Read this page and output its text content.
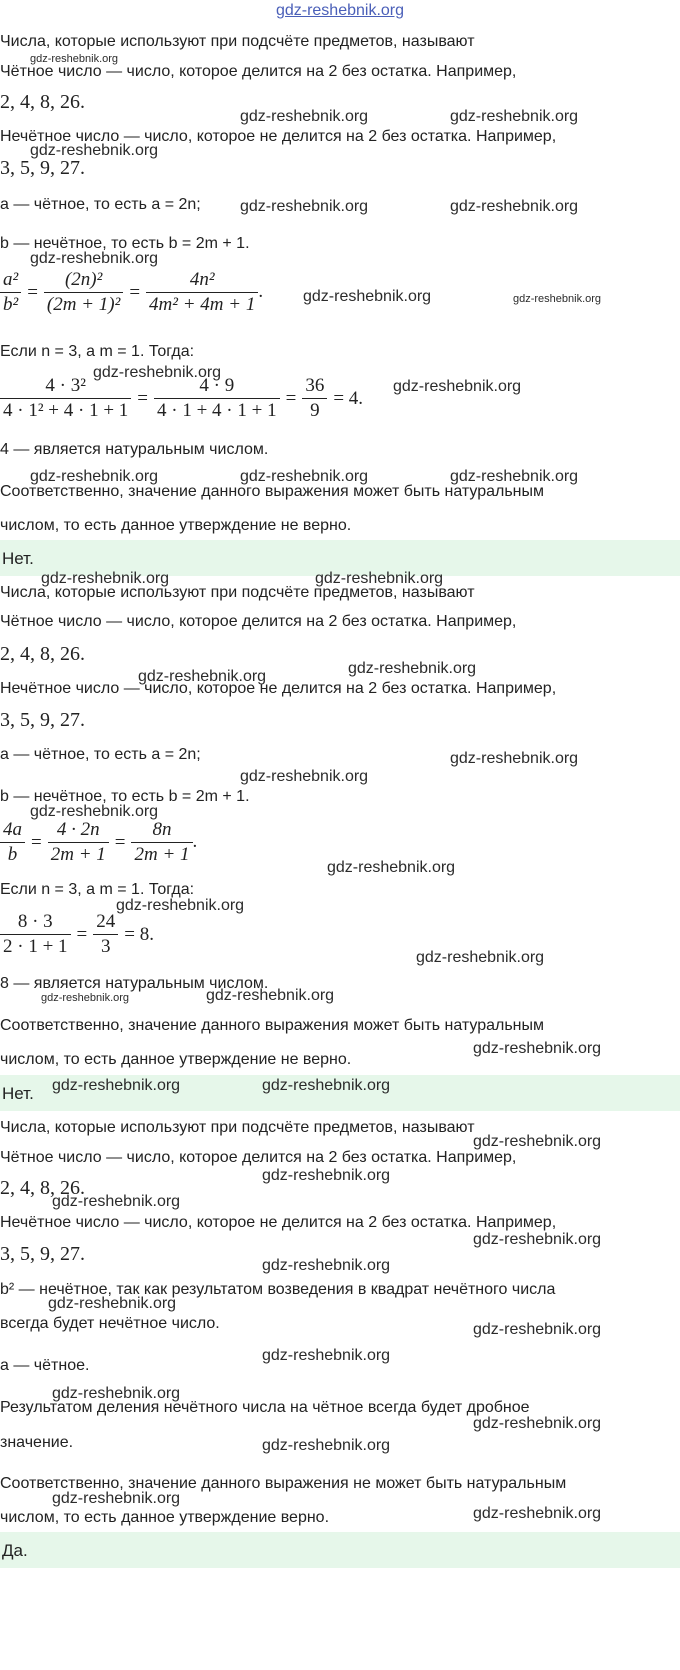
gdz-reshebnik.org
Числа, которые используют при подсчёте предметов, называют
Чётное число — число, которое делится на 2 без остатка. Например,
2, 4, 8, 26.
Нечётное число — число, которое не делится на 2 без остатка. Например,
3, 5, 9, 27.
a — чётное, то есть a = 2n;
b — нечётное, то есть b = 2m + 1.
$\frac{\text{a²}}{\text{b²}} = \frac{\text{(2n)²}}{\text{(2m + 1)²}} = \frac{\text{4n²}}{\text{4m² + 4m + 1}}$ .
Если n = 3, а m = 1. Тогда:
$\frac{\text{4 · 3²}}{\text{4 · 1² + 4 · 1 + 1}} = \frac{4 \cdot 9}{4 \cdot 1 + 4 \cdot 1 + 1} = \frac{36}{9} = 4$.
4 — является натуральным числом.
Соответственно, значение данного выражения может быть натуральным
числом, то есть данное утверждение не верно.
Нет.
Числа, которые используют при подсчёте предметов, называют
Чётное число — число, которое делится на 2 без остатка. Например,
2, 4, 8, 26.
Нечётное число — число, которое не делится на 2 без остатка. Например,
3, 5, 9, 27.
a — чётное, то есть a = 2n;
b — нечётное, то есть b = 2m + 1.
$\frac{4a}{b} = \frac{4 \cdot 2n}{2m + 1} = \frac{8n}{2m + 1}$ .
Если n = 3, а m = 1. Тогда:
$\frac{8 \cdot 3}{2 \cdot 1 + 1} = \frac{24}{3} = 8$.
8 — является натуральным числом.
Соответственно, значение данного выражения может быть натуральным
числом, то есть данное утверждение не верно.
Нет.
Числа, которые используют при подсчёте предметов, называют
Чётное число — число, которое делится на 2 без остатка. Например,
2, 4, 8, 26.
Нечётное число — число, которое не делится на 2 без остатка. Например,
3, 5, 9, 27.
b² — нечётное, так как результатом возведения в квадрат нечётного числа
всегда будет нечётное число.
a — чётное.
Результатом деления нечётного числа на чётное всегда будет дробное
значение.
Соответственно, значение данного выражения не может быть натуральным
числом, то есть данное утверждение верно.
Да.
gdz-reshebnik.org
gdz-reshebnik.org	gdz-reshebnik.org
gdz-reshebnik.org
gdz-reshebnik.org	gdz-reshebnik.org
gdz-reshebnik.org
gdz-reshebnik.org	gdz-reshebnik.org
gdz-reshebnik.org
gdz-reshebnik.org
gdz-reshebnik.org	gdz-reshebnik.org	gdz-reshebnik.org
gdz-reshebnik.org	gdz-reshebnik.org
gdz-reshebnik.org	gdz-reshebnik.org
gdz-reshebnik.org
gdz-reshebnik.org
gdz-reshebnik.org
gdz-reshebnik.org
gdz-reshebnik.org
gdz-reshebnik.org
gdz-reshebnik.org	gdz-reshebnik.org
gdz-reshebnik.org
gdz-reshebnik.org	gdz-reshebnik.org
gdz-reshebnik.org
gdz-reshebnik.org
gdz-reshebnik.org
gdz-reshebnik.org
gdz-reshebnik.org
gdz-reshebnik.org
gdz-reshebnik.org
gdz-reshebnik.org
gdz-reshebnik.org
gdz-reshebnik.org
gdz-reshebnik.org
gdz-reshebnik.org
gdz-reshebnik.org
